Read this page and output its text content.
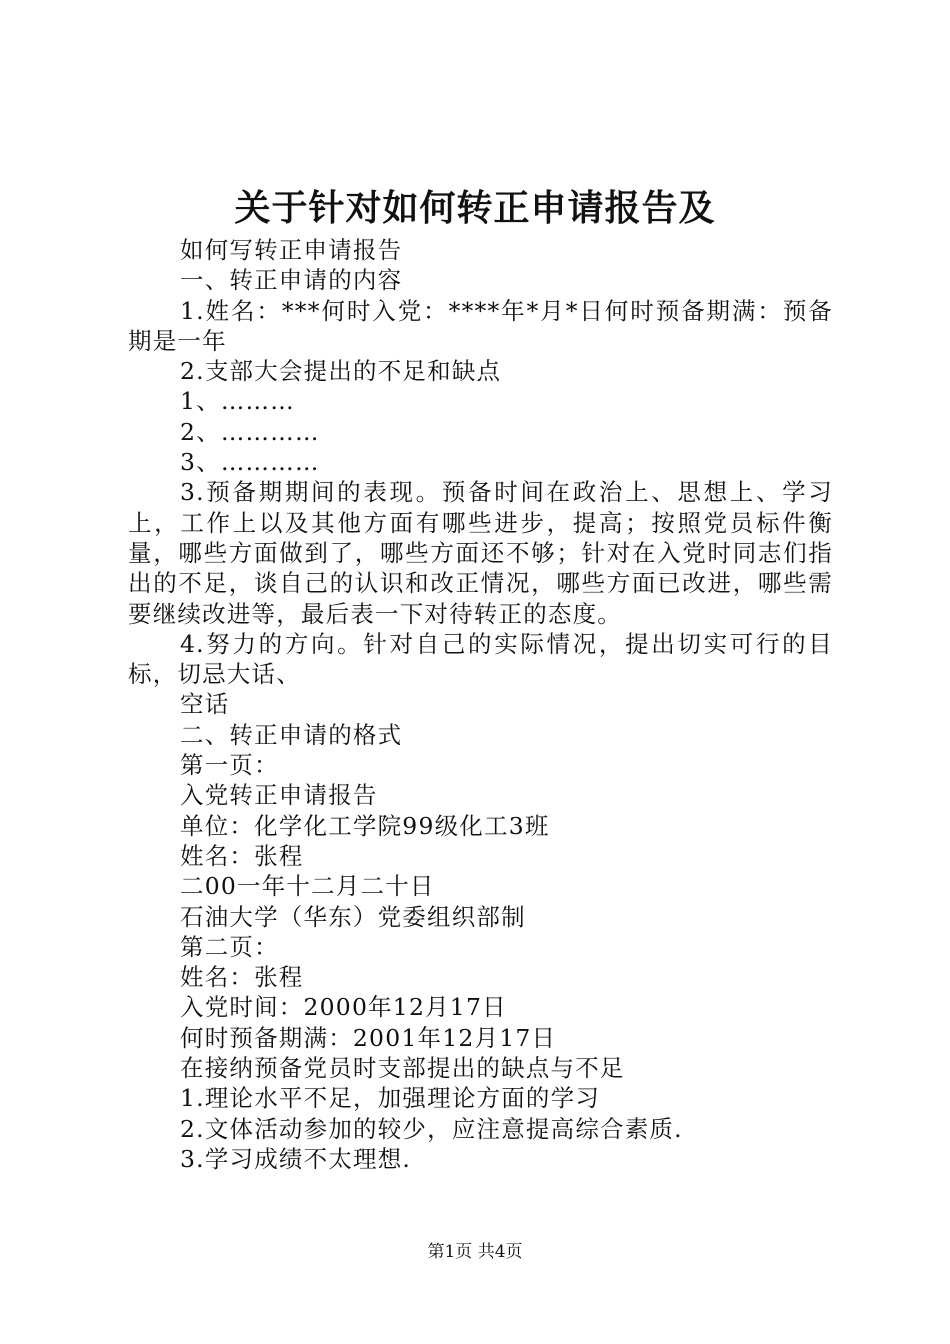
关于针对如何转正申请报告及

如何写转正申请报告

一、转正申请的内容

1.姓名：***何时入党：****年*月*日何时预备期满：预备期是一年

2.支部大会提出的不足和缺点

1、………

2、…………

3、…………

3.预备期期间的表现。预备时间在政治上、思想上、学习上，工作上以及其他方面有哪些进步，提高；按照党员标件衡量，哪些方面做到了，哪些方面还不够；针对在入党时同志们指出的不足，谈自己的认识和改正情况，哪些方面已改进，哪些需要继续改进等，最后表一下对待转正的态度。

4.努力的方向。针对自己的实际情况，提出切实可行的目标，切忌大话、

空话

二、转正申请的格式

第一页：

入党转正申请报告

单位：化学化工学院99级化工3班

姓名：张程

二00一年十二月二十日

石油大学（华东）党委组织部制

第二页：

姓名：张程

入党时间：2000年12月17日

何时预备期满：2001年12月17日

在接纳预备党员时支部提出的缺点与不足

1.理论水平不足，加强理论方面的学习

2.文体活动参加的较少，应注意提高综合素质.

3.学习成绩不太理想.

第1页 共4页
